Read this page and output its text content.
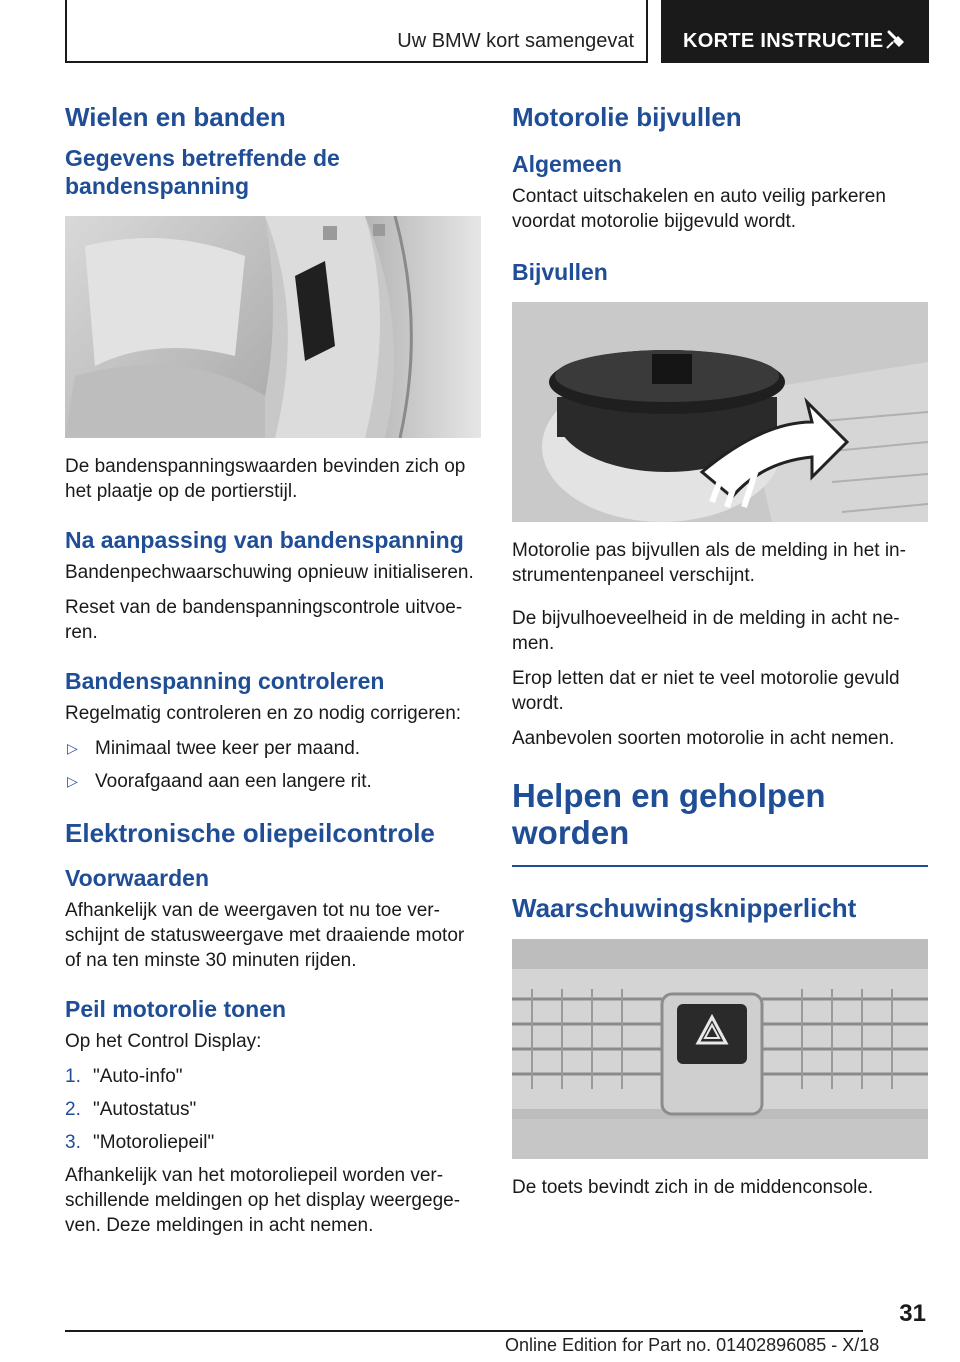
Uw BMW kort samengevat KORTE INSTRUCTIE
Wielen en banden
Gegevens betreffende de bandenspanning
De bandenspanningswaarden bevinden zich op het plaatje op de portierstijl.
Na aanpassing van bandenspanning
Bandenpechwaarschuwing opnieuw initialiseren.
Reset van de bandenspanningscontrole uitvoe-ren.
Bandenspanning controleren
Regelmatig controleren en zo nodig corrigeren:
▷ Minimaal twee keer per maand.
▷ Voorafgaand aan een langere rit.
Elektronische oliepeilcontrole
Voorwaarden
Afhankelijk van de weergaven tot nu toe ver-schijnt de statusweergave met draaiende motor of na ten minste 30 minuten rijden.
Peil motorolie tonen
Op het Control Display:
1. "Auto-info"
2. "Autostatus"
3. "Motoroliepeil"
Afhankelijk van het motoroliepeil worden ver-schillende meldingen op het display weergege-ven. Deze meldingen in acht nemen.
Motorolie bijvullen
Algemeen
Contact uitschakelen en auto veilig parkeren voordat motorolie bijgevuld wordt.
Bijvullen
Motorolie pas bijvullen als de melding in het in-strumentenpaneel verschijnt.
De bijvulhoeveelheid in de melding in acht ne-men.
Erop letten dat er niet te veel motorolie gevuld wordt.
Aanbevolen soorten motorolie in acht nemen.
Helpen en geholpen worden
Waarschuwingsknipperlicht
De toets bevindt zich in de middenconsole.
31
Online Edition for Part no. 01402896085 - X/18
